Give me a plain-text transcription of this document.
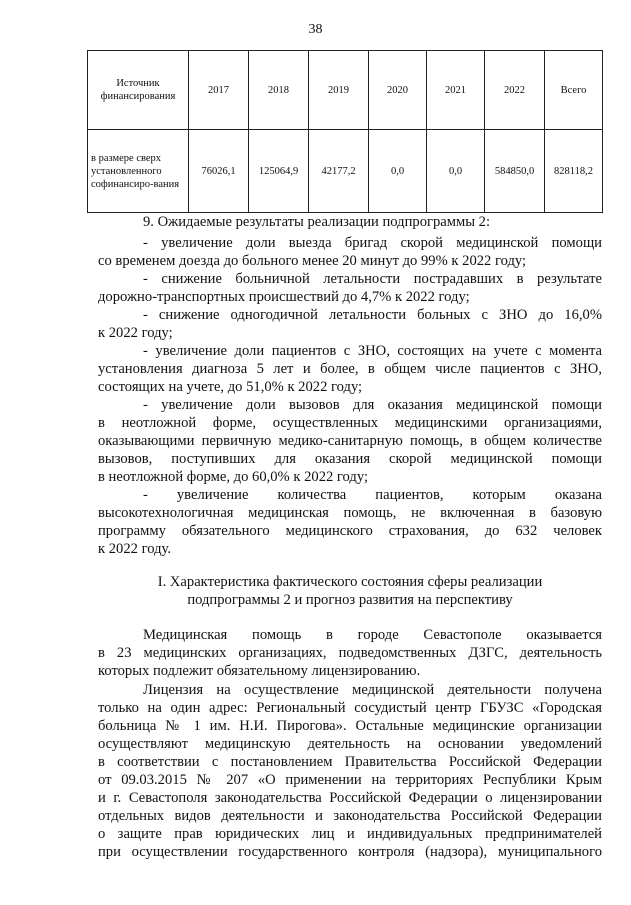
38
Источник финансирования	2017	2018	2019	2020	2021	2022	Всего
в размере сверх установленного софинансиро-вания	76026,1	125064,9	42177,2	0,0	0,0	584850,0	828118,2
9. Ожидаемые результаты реализации подпрограммы 2:
- увеличение доли выезда бригад скорой медицинской помощи
со временем доезда до больного менее 20 минут до 99% к 2022 году;
- снижение больничной летальности пострадавших в результате
дорожно-транспортных происшествий до 4,7% к 2022 году;
- снижение одногодичной летальности больных с ЗНО до 16,0%
к 2022 году;
- увеличение доли пациентов с ЗНО, состоящих на учете с момента
установления диагноза 5 лет и более, в общем числе пациентов с ЗНО,
состоящих на учете, до 51,0% к 2022 году;
- увеличение доли вызовов для оказания медицинской помощи
в неотложной форме, осуществленных медицинскими организациями,
оказывающими первичную медико-санитарную помощь, в общем количестве
вызовов, поступивших для оказания скорой медицинской помощи
в неотложной форме, до 60,0% к 2022 году;
- увеличение количества пациентов, которым оказана
высокотехнологичная медицинская помощь, не включенная в базовую
программу обязательного медицинского страхования, до 632 человек
к 2022 году.
I. Характеристика фактического состояния сферы реализации
подпрограммы 2 и прогноз развития на перспективу
Медицинская помощь в городе Севастополе оказывается
в 23 медицинских организациях, подведомственных ДЗГС, деятельность
которых подлежит обязательному лицензированию.
Лицензия на осуществление медицинской деятельности получена
только на один адрес: Региональный сосудистый центр ГБУЗС «Городская
больница № 1 им. Н.И. Пирогова». Остальные медицинские организации
осуществляют медицинскую деятельность на основании уведомлений
в соответствии с постановлением Правительства Российской Федерации
от 09.03.2015 № 207 «О применении на территориях Республики Крым
и г. Севастополя законодательства Российской Федерации о лицензировании
отдельных видов деятельности и законодательства Российской Федерации
о защите прав юридических лиц и индивидуальных предпринимателей
при осуществлении государственного контроля (надзора), муниципального
